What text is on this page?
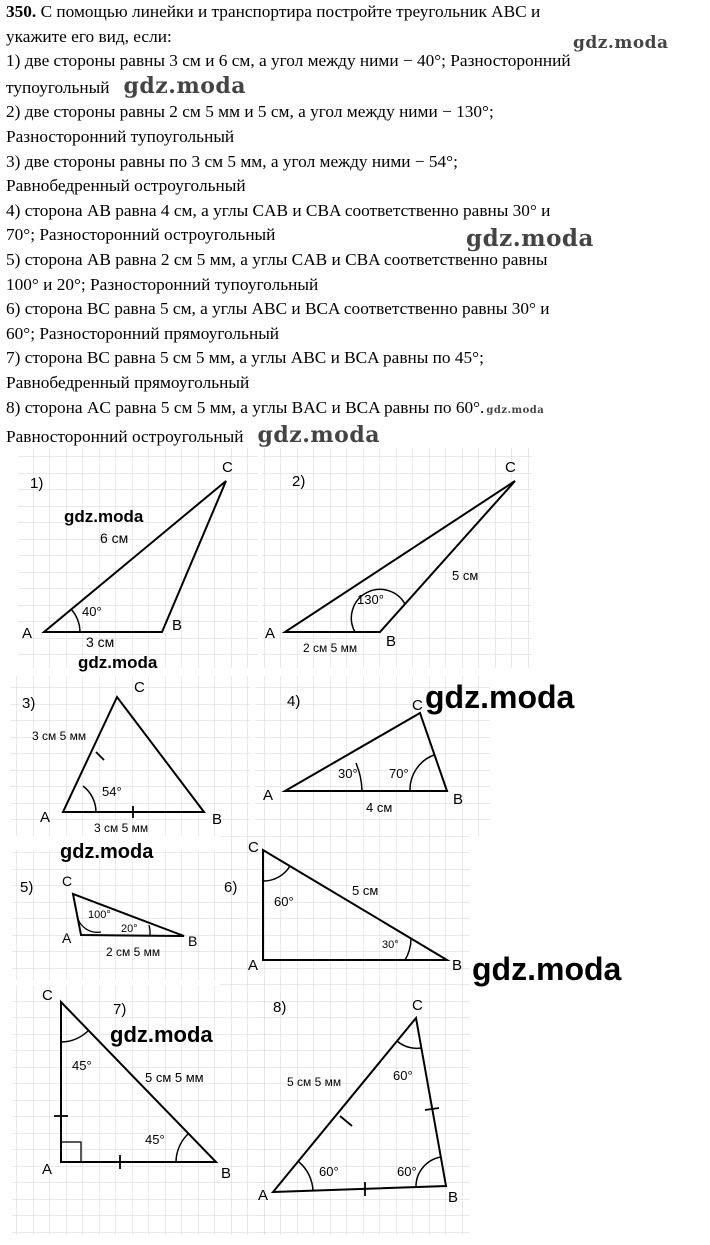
350. С помощью линейки и транспортира постройте треугольник ABC и

укажите его вид, если:

1) две стороны равны 3 см и 6 см, а угол между ними − 40°; Разносторонний

тупоугольный gdz.moda

2) две стороны равны 2 см 5 мм и 5 см, а угол между ними − 130°;

Разносторонний тупоугольный

3) две стороны равны по 3 см 5 мм, а угол между ними − 54°;

Равнобедренный остроугольный

4) сторона AB равна 4 см, а углы CAB и CBA соответственно равны 30° и

70°; Разносторонний остроугольный

5) сторона AB равна 2 см 5 мм, а углы CAB и CBA соответственно равны

100° и 20°; Разносторонний тупоугольный

6) сторона BC равна 5 см, а углы ABC и BCA соответственно равны 30° и

60°; Разносторонний прямоугольный

7) сторона BC равна 5 см 5 мм, а углы ABC и BCA равны по 45°;

Равнобедренный прямоугольный

8) сторона AC равна 5 см 5 мм, а углы BAC и BCA равны по 60°. gdz.moda

Равносторонний остроугольный gdz.moda

gdz.moda
gdz.moda
1)
A	B
C
6 см
3 см
40°
gdz.moda
gdz.moda
2)
A	B
C
5 см
2 см 5 мм
130°
3)
A	B
C
3 см 5 мм
3 см 5 мм
54°
gdz.moda
4)
A	B
C
4 см
30° 70°
gdz.moda
5)
A	B
C
2 см 5 мм
100°
20°
6)
A	B
C
5 см
60°
30°
gdz.moda
7)
A	B
C
5 см 5 мм
45°
45°
gdz.moda
8)
A	B
C
5 см 5 мм	60°
60°	60°
